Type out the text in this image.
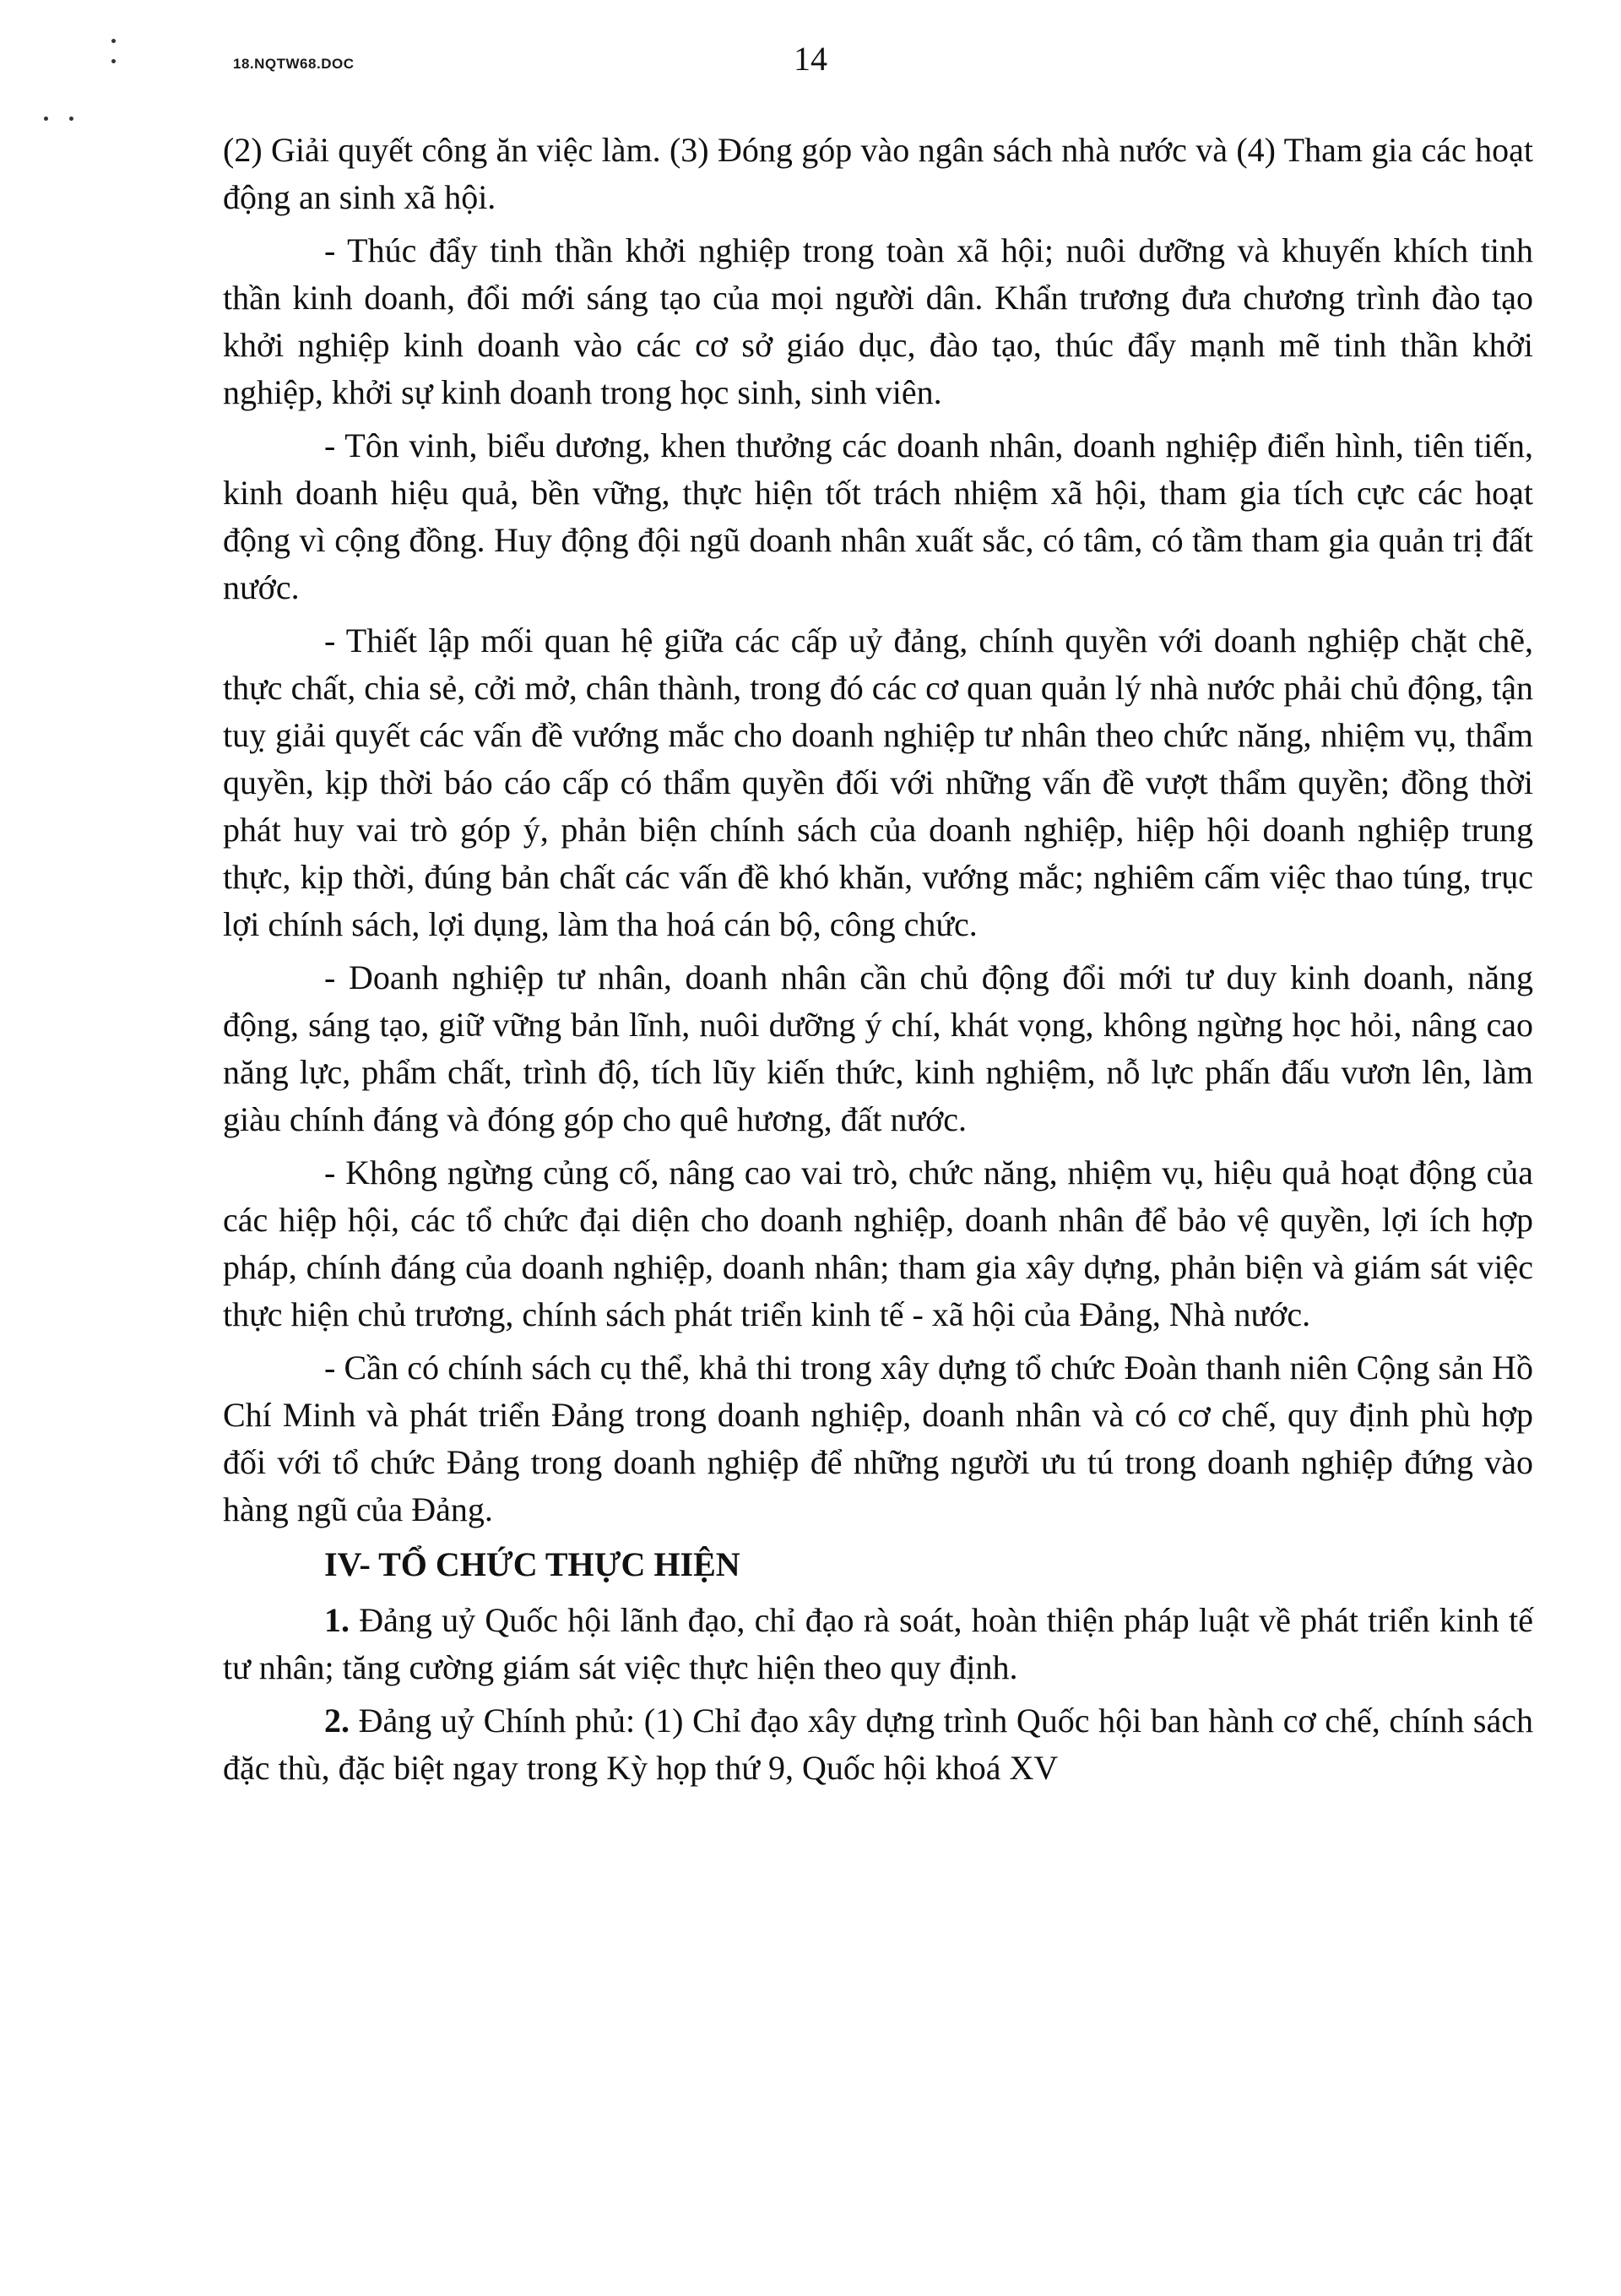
18.NQTW68.DOC	14

(2) Giải quyết công ăn việc làm. (3) Đóng góp vào ngân sách nhà nước và (4) Tham gia các hoạt động an sinh xã hội.

- Thúc đẩy tinh thần khởi nghiệp trong toàn xã hội; nuôi dưỡng và khuyến khích tinh thần kinh doanh, đổi mới sáng tạo của mọi người dân. Khẩn trương đưa chương trình đào tạo khởi nghiệp kinh doanh vào các cơ sở giáo dục, đào tạo, thúc đẩy mạnh mẽ tinh thần khởi nghiệp, khởi sự kinh doanh trong học sinh, sinh viên.

- Tôn vinh, biểu dương, khen thưởng các doanh nhân, doanh nghiệp điển hình, tiên tiến, kinh doanh hiệu quả, bền vững, thực hiện tốt trách nhiệm xã hội, tham gia tích cực các hoạt động vì cộng đồng. Huy động đội ngũ doanh nhân xuất sắc, có tâm, có tầm tham gia quản trị đất nước.

- Thiết lập mối quan hệ giữa các cấp uỷ đảng, chính quyền với doanh nghiệp chặt chẽ, thực chất, chia sẻ, cởi mở, chân thành, trong đó các cơ quan quản lý nhà nước phải chủ động, tận tuỵ giải quyết các vấn đề vướng mắc cho doanh nghiệp tư nhân theo chức năng, nhiệm vụ, thẩm quyền, kịp thời báo cáo cấp có thẩm quyền đối với những vấn đề vượt thẩm quyền; đồng thời phát huy vai trò góp ý, phản biện chính sách của doanh nghiệp, hiệp hội doanh nghiệp trung thực, kịp thời, đúng bản chất các vấn đề khó khăn, vướng mắc; nghiêm cấm việc thao túng, trục lợi chính sách, lợi dụng, làm tha hoá cán bộ, công chức.

- Doanh nghiệp tư nhân, doanh nhân cần chủ động đổi mới tư duy kinh doanh, năng động, sáng tạo, giữ vững bản lĩnh, nuôi dưỡng ý chí, khát vọng, không ngừng học hỏi, nâng cao năng lực, phẩm chất, trình độ, tích lũy kiến thức, kinh nghiệm, nỗ lực phấn đấu vươn lên, làm giàu chính đáng và đóng góp cho quê hương, đất nước.

- Không ngừng củng cố, nâng cao vai trò, chức năng, nhiệm vụ, hiệu quả hoạt động của các hiệp hội, các tổ chức đại diện cho doanh nghiệp, doanh nhân để bảo vệ quyền, lợi ích hợp pháp, chính đáng của doanh nghiệp, doanh nhân; tham gia xây dựng, phản biện và giám sát việc thực hiện chủ trương, chính sách phát triển kinh tế - xã hội của Đảng, Nhà nước.

- Cần có chính sách cụ thể, khả thi trong xây dựng tổ chức Đoàn thanh niên Cộng sản Hồ Chí Minh và phát triển Đảng trong doanh nghiệp, doanh nhân và có cơ chế, quy định phù hợp đối với tổ chức Đảng trong doanh nghiệp để những người ưu tú trong doanh nghiệp đứng vào hàng ngũ của Đảng.

IV- TỔ CHỨC THỰC HIỆN

1. Đảng uỷ Quốc hội lãnh đạo, chỉ đạo rà soát, hoàn thiện pháp luật về phát triển kinh tế tư nhân; tăng cường giám sát việc thực hiện theo quy định.

2. Đảng uỷ Chính phủ: (1) Chỉ đạo xây dựng trình Quốc hội ban hành cơ chế, chính sách đặc thù, đặc biệt ngay trong Kỳ họp thứ 9, Quốc hội khoá XV
